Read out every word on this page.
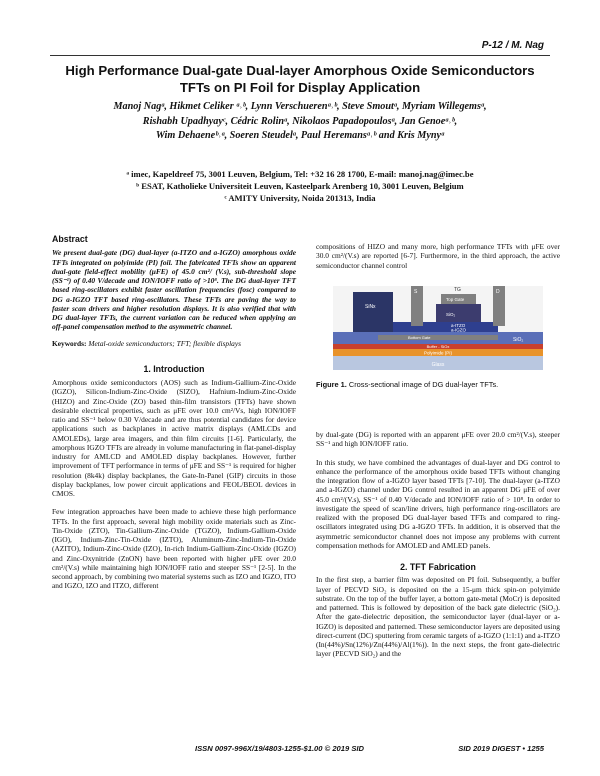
P-12 / M. Nag
High Performance Dual-gate Dual-layer Amorphous Oxide Semiconductors
TFTs on PI Foil for Display Application
Manoj Nagᵃ, Hikmet Celiker ᵃ˒ᵇ, Lynn Verschuerenᵃ˒ᵇ, Steve Smoutᵃ, Myriam Willegemsᵃ,
Rishabh Upadhyayᶜ, Cédric Rolinᵃ, Nikolaos Papadopoulosᵃ, Jan Genoeᵃ˒ᵇ,
Wim Dehaeneᵇ˒ᵃ, Soeren Steudelᵃ, Paul Heremansᵃ˒ᵇ and Kris Mynyᵃ
ᵃ imec, Kapeldreef 75, 3001 Leuven, Belgium, Tel: +32 16 28 1700, E-mail: manoj.nag@imec.be
ᵇ ESAT, Katholieke Universiteit Leuven, Kasteelpark Arenberg 10, 3001 Leuven, Belgium
ᶜ AMITY University, Noida 201313, India
Abstract

We present dual-gate (DG) dual-layer (a-ITZO and a-IGZO) amorphous oxide TFTs integrated on polyimide (PI) foil. The fabricated TFTs show an apparent dual-gate field-effect mobility (μFE) of 45.0 cm²/ (V.s), sub-threshold slope (SS⁻¹) of 0.40 V/decade and ION/IOFF ratio of >10⁸. The DG dual-layer TFT based ring-oscillators exhibit faster oscillation frequencies (fosc) compared to DG a-IGZO TFT based ring-oscillators. These TFTs are paving the way to faster scan drivers and higher resolution displays. It is also verified that with DG dual-layer TFTs, the current variation can be reduced when applying an off-panel compensation method to the asymmetric channel.

Keywords: Metal-oxide semiconductors; TFT; flexible displays

1. Introduction

Amorphous oxide semiconductors (AOS) such as Indium-Gallium-Zinc-Oxide (IGZO), Silicon-Indium-Zinc-Oxide (SIZO), Hafnium-Indium-Zinc-Oxide (HIZO) and Zinc-Oxide (ZO) based thin-film transistors (TFTs) have shown desirable electrical properties, such as μFE over 10.0 cm²/Vs, high ION/IOFF ratio and SS⁻¹ below 0.30 V/decade and are thus potential candidates for device applications such as backplanes in active matrix displays (AMLCDs and AMOLEDs), large area imagers, and thin film circuits [1-6]. Particularly, the amorphous IGZO TFTs are already in volume manufacturing in flat-panel-display industry for AMLCD and AMOLED display backplanes. However, further improvement of TFT performance in terms of μFE and SS⁻¹ is required for higher resolution (8k4k) display backplanes, the Gate-In-Panel (GIP) circuits in those display backplanes, low power circuit applications and FEOL/BEOL devices in CMOS.

Few integration approaches have been made to achieve these high performance TFTs. In the first approach, several high mobility oxide materials such as Zinc-Tin-Oxide (ZTO), Tin-Gallium-Zinc-Oxide (TGZO), Indium-Gallium-Oxide (IGO), Indium-Zinc-Tin-Oxide (IZTO), Aluminum-Zinc-Indium-Tin-Oxide (AZITO), Indium-Zinc-Oxide (IZO), In-rich Indium-Gallium-Zinc-Oxide (IGZO) and Zinc-Oxynitride (ZnON) have been reported with higher μFE over 20.0 cm²/(V.s) while maintaining high ION/IOFF ratio and steeper SS⁻¹ [2-5]. In the second approach, by combining two material systems such as IZO and IGZO, ITO and IGZO, IZO and ITZO, different

compositions of HIZO and many more, high performance TFTs with μFE over 30.0 cm²/(V.s) are reported [6-7]. Furthermore, in the third approach, the active semiconductor channel control

Glass
Polyimide (PI)
Buffer - SiOx
SiO₂
Bottom Gate
a-ITZO
a-IGZO
SiNx
SiO₂
Top Gate
S	D
TG
Figure 1. Cross-sectional image of DG dual-layer TFTs.

by dual-gate (DG) is reported with an apparent μFE over 20.0 cm²/(V.s), steeper SS⁻¹ and high ION/IOFF ratio.

In this study, we have combined the advantages of dual-layer and DG control to enhance the performance of the amorphous oxide based TFTs without changing the integration flow of a-IGZO layer based TFTs [7-10]. The dual-layer (a-ITZO and a-IGZO) channel under DG control resulted in an apparent DG μFE of over 45.0 cm²/(V.s), SS⁻¹ of 0.40 V/decade and ION/IOFF ratio of > 10⁸. In order to investigate the speed of scan/line drivers, high performance ring-oscillators are realized with the proposed DG dual-layer based TFTs and compared to ring-oscillators integrated using DG a-IGZO TFTs. In addition, it is observed that the asymmetric semiconductor channel does not impose any problems with current compensation methods for AMOLED and AMLED panels.

2. TFT Fabrication

In the first step, a barrier film was deposited on PI foil. Subsequently, a buffer layer of PECVD SiO₂ is deposited on the a 15-μm thick spin-on polyimide substrate. On the top of the buffer layer, a bottom gate-metal (MoCr) is deposited and patterned. This is followed by deposition of the back gate dielectric (SiO₂). After the gate-dielectric deposition, the semiconductor layer (dual-layer or a-IGZO) is deposited and patterned. These semiconductor layers are deposited using direct-current (DC) sputtering from ceramic targets of a-IGZO (1:1:1) and a-ITZO (In(44%)/Sn(12%)/Zn(44%)/Al(1%)). In the next steps, the front gate-dielectric layer (PECVD SiO₂) and the

ISSN 0097-996X/19/4803-1255-$1.00 © 2019 SID	SID 2019 DIGEST • 1255
